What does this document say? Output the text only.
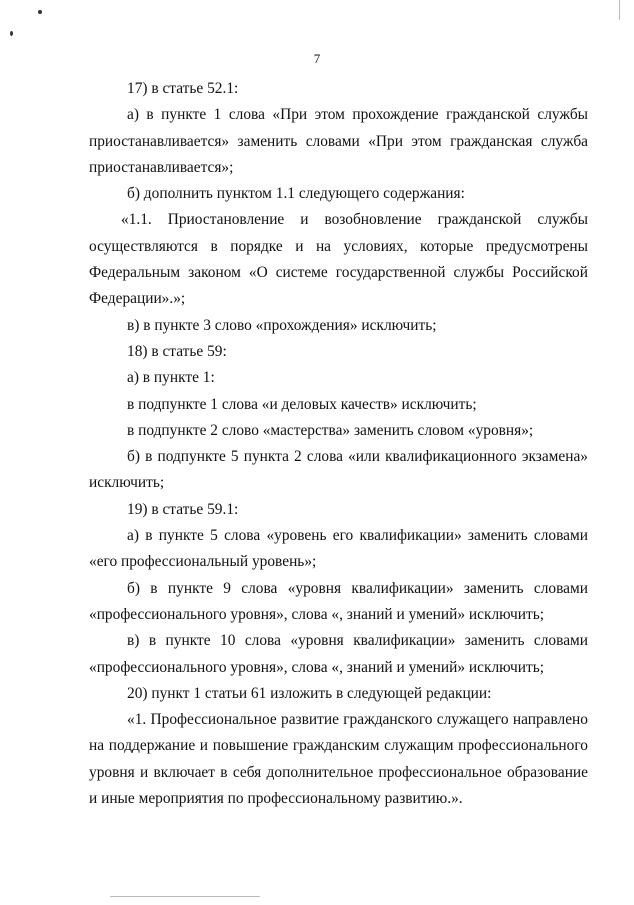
7

17) в статье 52.1:

а) в пункте 1 слова «При этом прохождение гражданской службы приостанавливается» заменить словами «При этом гражданская служба приостанавливается»;

б) дополнить пунктом 1.1 следующего содержания:

«1.1. Приостановление и возобновление гражданской службы осуществляются в порядке и на условиях, которые предусмотрены Федеральным законом «О системе государственной службы Российской Федерации».»;

в) в пункте 3 слово «прохождения» исключить;

18) в статье 59:

а) в пункте 1:

в подпункте 1 слова «и деловых качеств» исключить;

в подпункте 2 слово «мастерства» заменить словом «уровня»;

б) в подпункте 5 пункта 2 слова «или квалификационного экзамена» исключить;

19) в статье 59.1:

а) в пункте 5 слова «уровень его квалификации» заменить словами «его профессиональный уровень»;

б) в пункте 9 слова «уровня квалификации» заменить словами «профессионального уровня», слова «, знаний и умений» исключить;

в) в пункте 10 слова «уровня квалификации» заменить словами «профессионального уровня», слова «, знаний и умений» исключить;

20) пункт 1 статьи 61 изложить в следующей редакции:

«1. Профессиональное развитие гражданского служащего направлено на поддержание и повышение гражданским служащим профессионального уровня и включает в себя дополнительное профессиональное образование и иные мероприятия по профессиональному развитию.».
